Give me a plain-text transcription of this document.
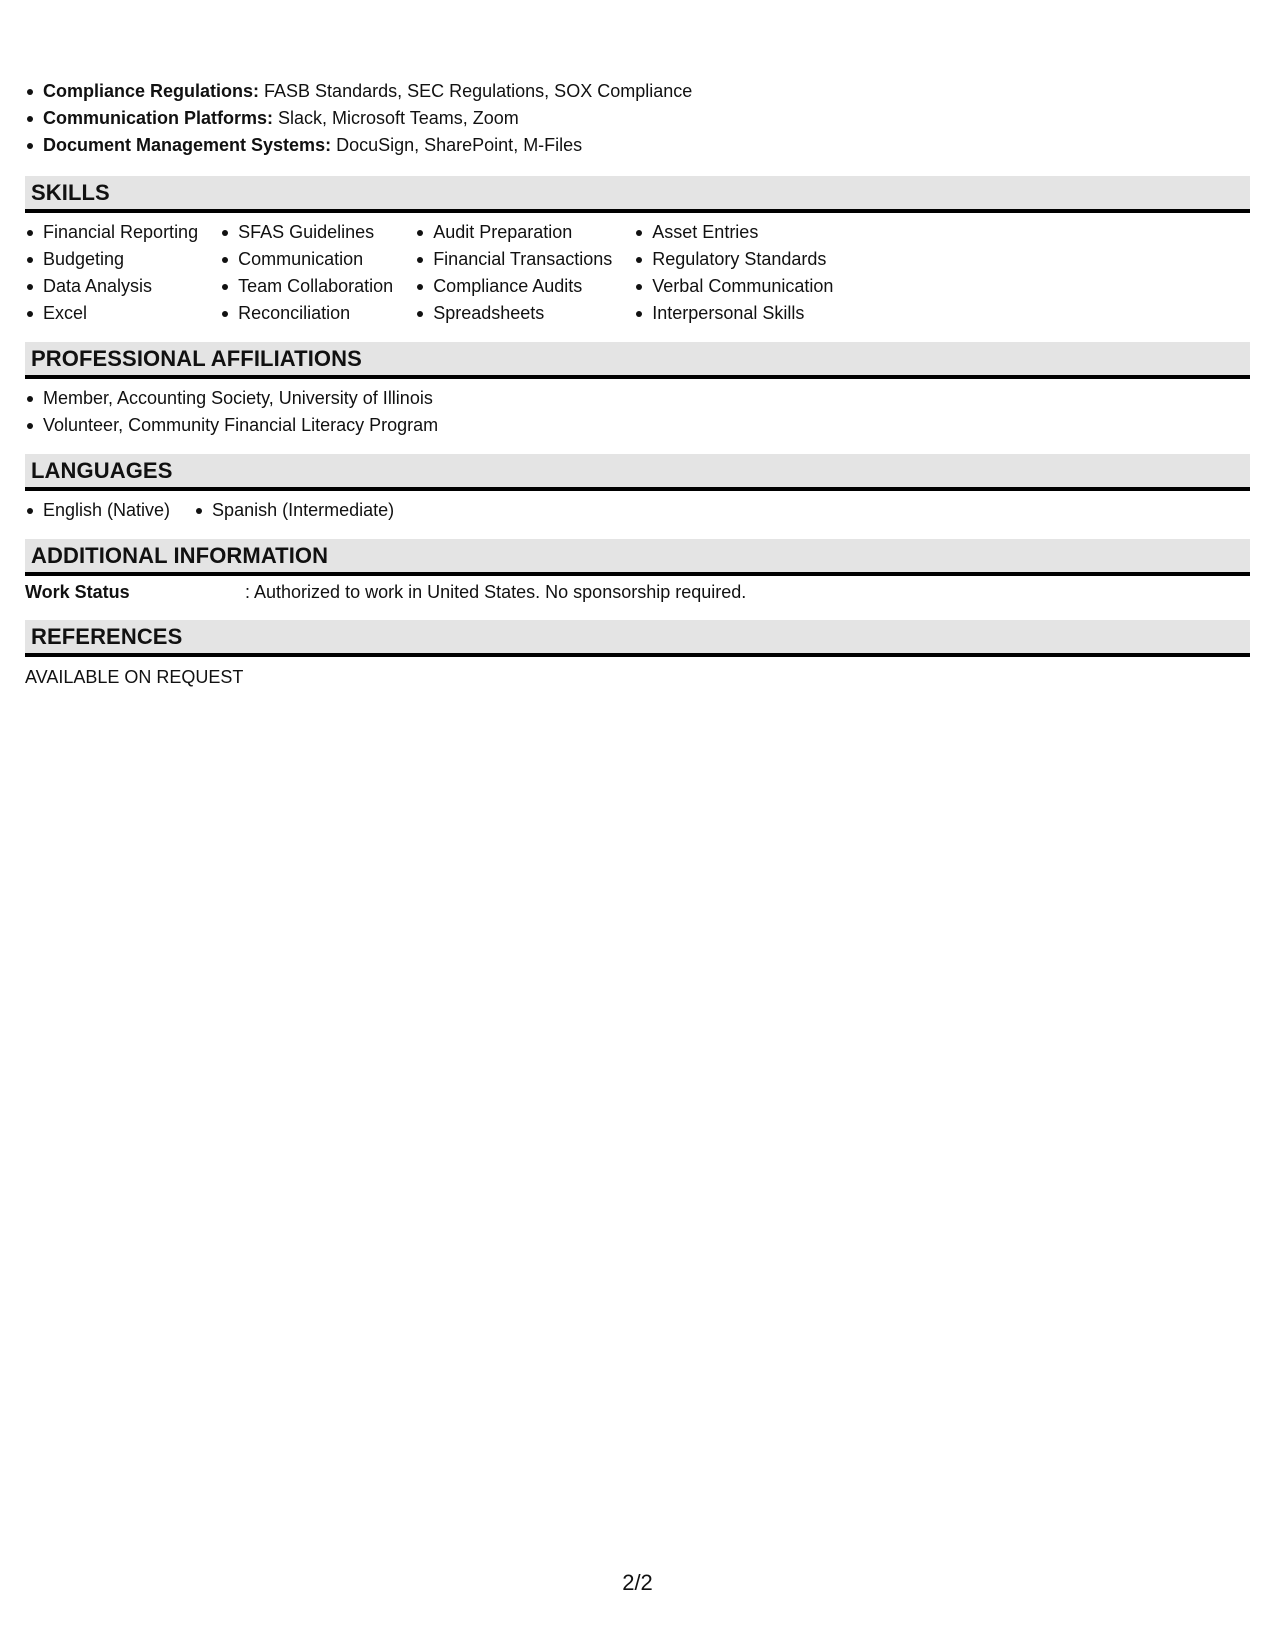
Compliance Regulations: FASB Standards, SEC Regulations, SOX Compliance
Communication Platforms: Slack, Microsoft Teams, Zoom
Document Management Systems: DocuSign, SharePoint, M-Files
SKILLS
Financial Reporting
Budgeting
Data Analysis
Excel
SFAS Guidelines
Communication
Team Collaboration
Reconciliation
Audit Preparation
Financial Transactions
Compliance Audits
Spreadsheets
Asset Entries
Regulatory Standards
Verbal Communication
Interpersonal Skills
PROFESSIONAL AFFILIATIONS
Member, Accounting Society, University of Illinois
Volunteer, Community Financial Literacy Program
LANGUAGES
English (Native)	Spanish (Intermediate)
ADDITIONAL INFORMATION
Work Status	: Authorized to work in United States. No sponsorship required.
REFERENCES
AVAILABLE ON REQUEST
2/2
